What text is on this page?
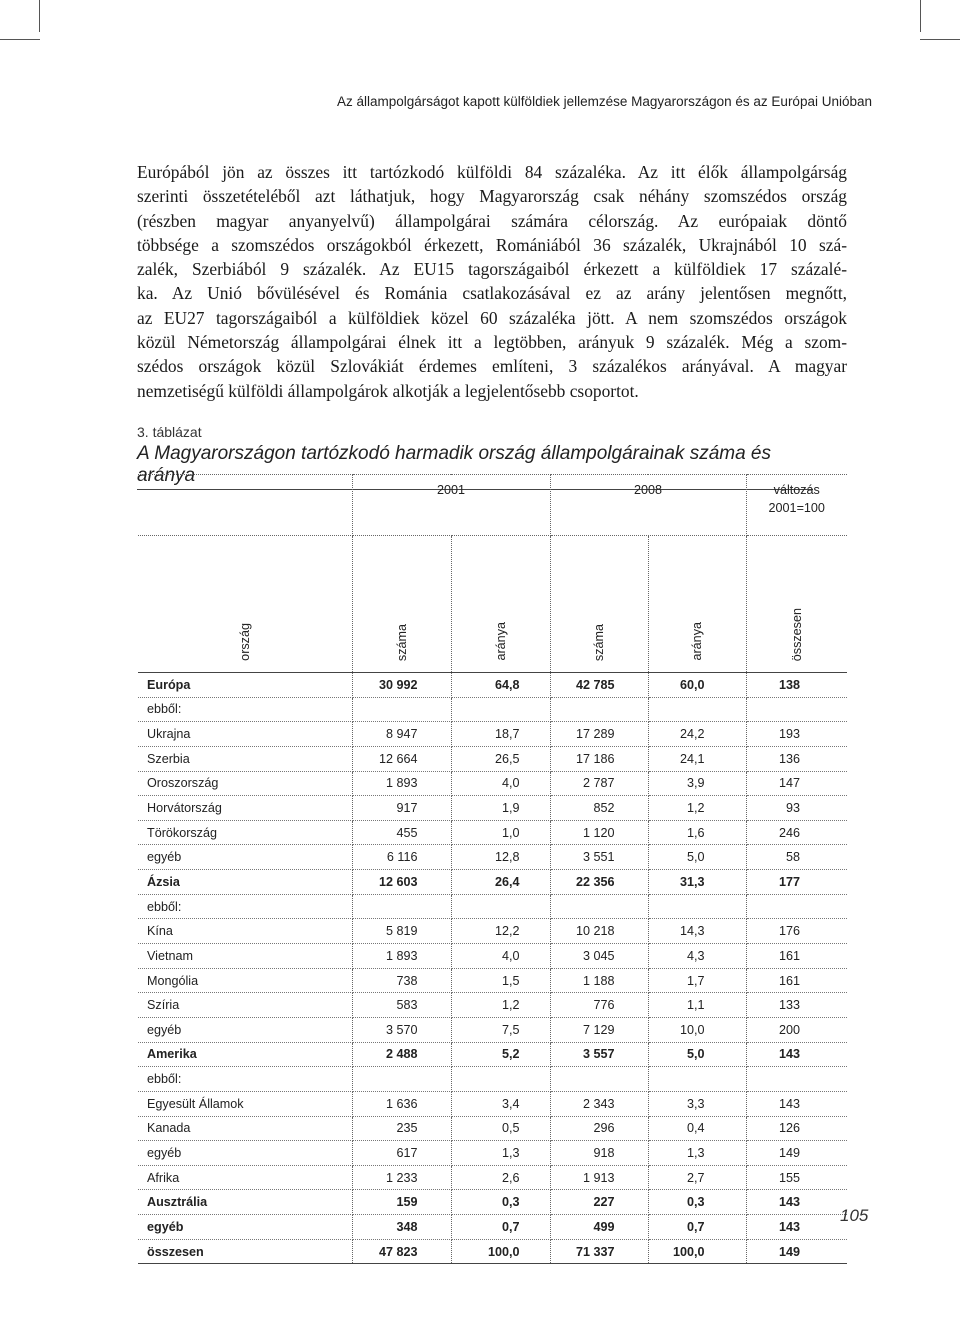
Az állampolgárságot kapott külföldiek jellemzése Magyarországon és az Európai Unióban
Európából jön az összes itt tartózkodó külföldi 84 százaléka. Az itt élők állampolgárság
szerinti összetételéből azt láthatjuk, hogy Magyarország csak néhány szomszédos ország
(részben magyar anyanyelvű) állampolgárai számára célország. Az európaiak döntő
többsége a szomszédos országokból érkezett, Romániából 36 százalék, Ukrajnából 10 szá-
zalék, Szerbiából 9 százalék. Az EU15 tagországaiból érkezett a külföldiek 17 százalé-
ka. Az Unió bővülésével és Románia csatlakozásával ez az arány jelentősen megnőtt,
az EU27 tagországaiból a külföldiek közel 60 százaléka jött. A nem szomszédos országok
közül Németország állampolgárai élnek itt a legtöbben, arányuk 9 százalék. Még a szom-
szédos országok közül Szlovákiát érdemes említeni, 3 százalékos arányával. A magyar
nemzetiségű külföldi állampolgárok alkotják a legjelentősebb csoportot.
3. táblázat
A Magyarországon tartózkodó harmadik ország állampolgárainak száma és aránya
	2001		2008		változás
2001=100

ország	száma	aránya	száma	aránya	összesen
Európa	30 992	64,8	42 785	60,0	138
ebből:					
Ukrajna	8 947	18,7	17 289	24,2	193
Szerbia	12 664	26,5	17 186	24,1	136
Oroszország	1 893	4,0	2 787	3,9	147
Horvátország	917	1,9	852	1,2	93
Törökország	455	1,0	1 120	1,6	246
egyéb	6 116	12,8	3 551	5,0	58
Ázsia	12 603	26,4	22 356	31,3	177
ebből:					
Kína	5 819	12,2	10 218	14,3	176
Vietnam	1 893	4,0	3 045	4,3	161
Mongólia	738	1,5	1 188	1,7	161
Szíria	583	1,2	776	1,1	133
egyéb	3 570	7,5	7 129	10,0	200
Amerika	2 488	5,2	3 557	5,0	143
ebből:					
Egyesült Államok	1 636	3,4	2 343	3,3	143
Kanada	235	0,5	296	0,4	126
egyéb	617	1,3	918	1,3	149
Afrika	1 233	2,6	1 913	2,7	155
Ausztrália	159	0,3	227	0,3	143
egyéb	348	0,7	499	0,7	143
összesen	47 823	100,0	71 337	100,0	149
105
